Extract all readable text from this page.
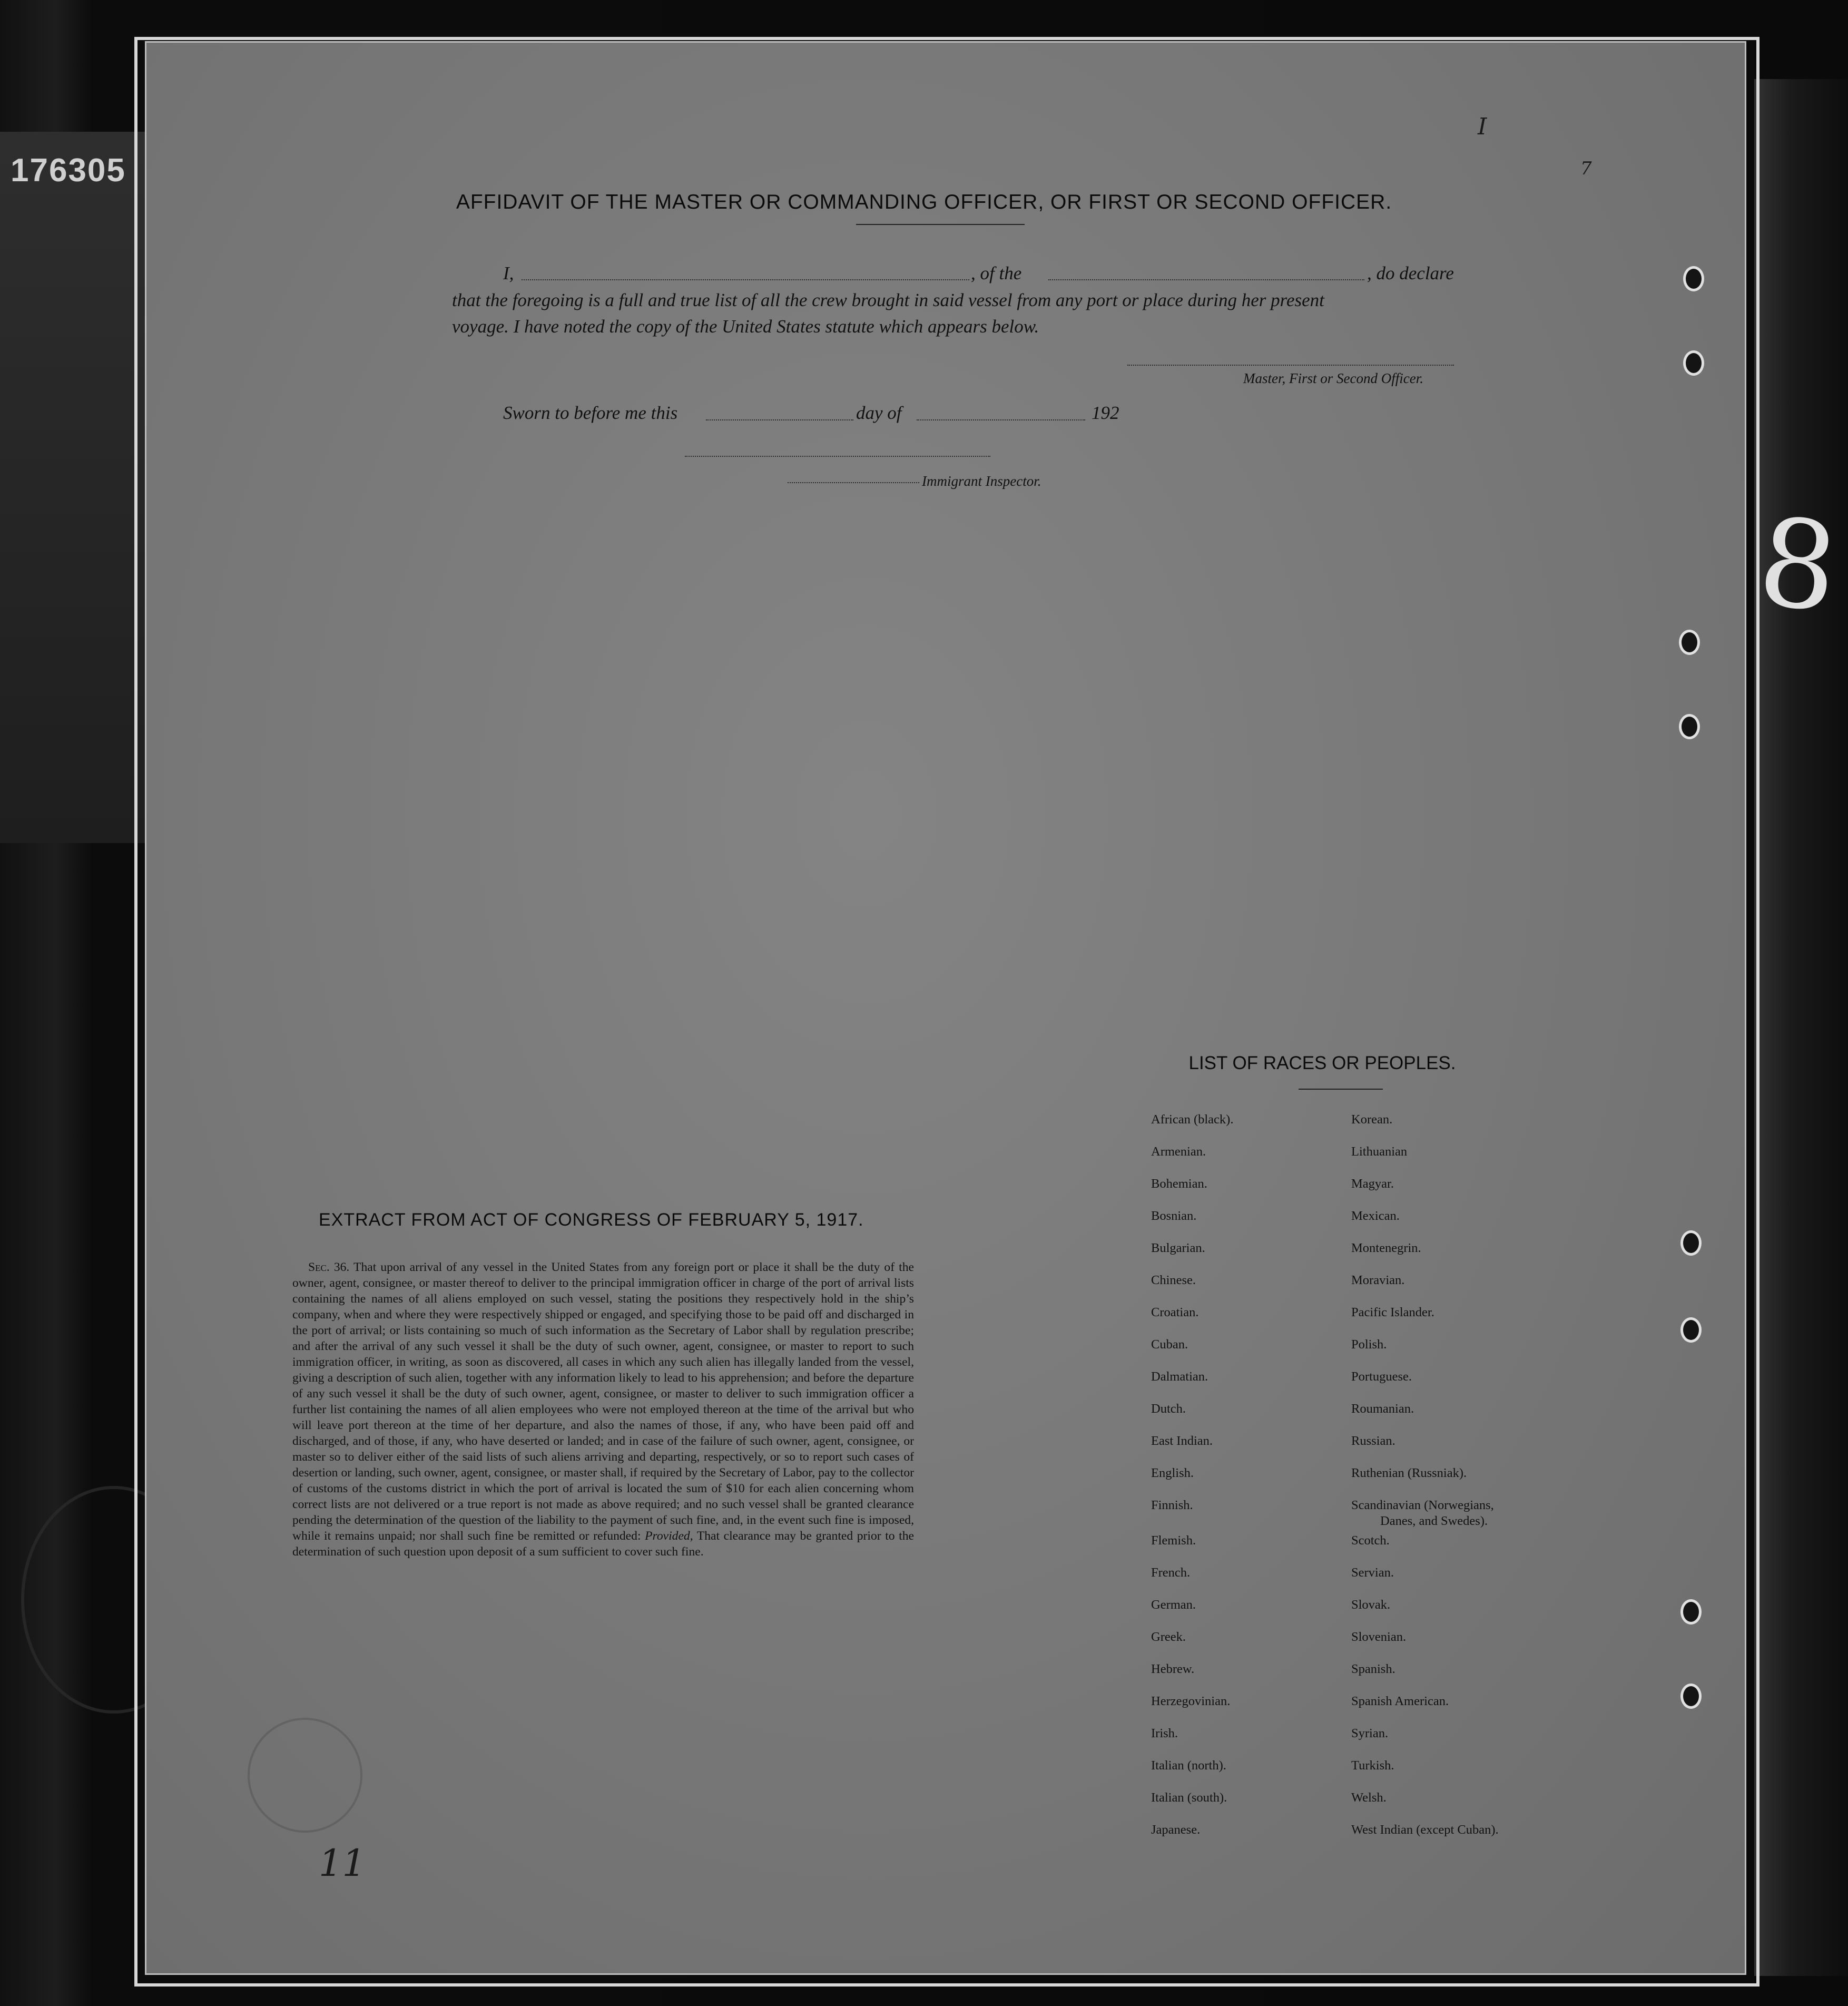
176305
8

I
7
AFFIDAVIT OF THE MASTER OR COMMANDING OFFICER, OR FIRST OR SECOND OFFICER.
I,	, of the	, do declare
that the foregoing is a full and true list of all the crew brought in said vessel from any port or place during her present
voyage. I have noted the copy of the United States statute which appears below.
Master, First or Second Officer.
Sworn to before me this	day of	192
Immigrant Inspector.
EXTRACT FROM ACT OF CONGRESS OF FEBRUARY 5, 1917.
Sec. 36. That upon arrival of any vessel in the United States from any foreign port or place it shall be the duty of the owner, agent, consignee, or master thereof to deliver to the principal immigration officer in charge of the port of arrival lists containing the names of all aliens employed on such vessel, stating the positions they respectively hold in the ship’s company, when and where they were respectively shipped or engaged, and specifying those to be paid off and discharged in the port of arrival; or lists containing so much of such information as the Secretary of Labor shall by regulation prescribe; and after the arrival of any such vessel it shall be the duty of such owner, agent, consignee, or master to report to such immigration officer, in writing, as soon as discovered, all cases in which any such alien has illegally landed from the vessel, giving a description of such alien, together with any information likely to lead to his apprehension; and before the departure of any such vessel it shall be the duty of such owner, agent, consignee, or master to deliver to such immigration officer a further list containing the names of all alien employees who were not employed thereon at the time of the arrival but who will leave port thereon at the time of her departure, and also the names of those, if any, who have been paid off and discharged, and of those, if any, who have deserted or landed; and in case of the failure of such owner, agent, consignee, or master so to deliver either of the said lists of such aliens arriving and departing, respectively, or so to report such cases of desertion or landing, such owner, agent, consignee, or master shall, if required by the Secretary of Labor, pay to the collector of customs of the customs district in which the port of arrival is located the sum of $10 for each alien concerning whom correct lists are not delivered or a true report is not made as above required; and no such vessel shall be granted clearance pending the determination of the question of the liability to the payment of such fine, and, in the event such fine is imposed, while it remains unpaid; nor shall such fine be remitted or refunded: Provided, That clearance may be granted prior to the determination of such question upon deposit of a sum sufficient to cover such fine.
LIST OF RACES OR PEOPLES.
African (black).
Armenian.
Bohemian.
Bosnian.
Bulgarian.
Chinese.
Croatian.
Cuban.
Dalmatian.
Dutch.
East Indian.
English.
Finnish.
Flemish.
French.
German.
Greek.
Hebrew.
Herzegovinian.
Irish.
Italian (north).
Italian (south).
Japanese.
Korean.
Lithuanian
Magyar.
Mexican.
Montenegrin.
Moravian.
Pacific Islander.
Polish.
Portuguese.
Roumanian.
Russian.
Ruthenian (Russniak).
Scandinavian (Norwegians,
Danes, and Swedes).
Scotch.
Servian.
Slovak.
Slovenian.
Spanish.
Spanish American.
Syrian.
Turkish.
Welsh.
West Indian (except Cuban).
11
